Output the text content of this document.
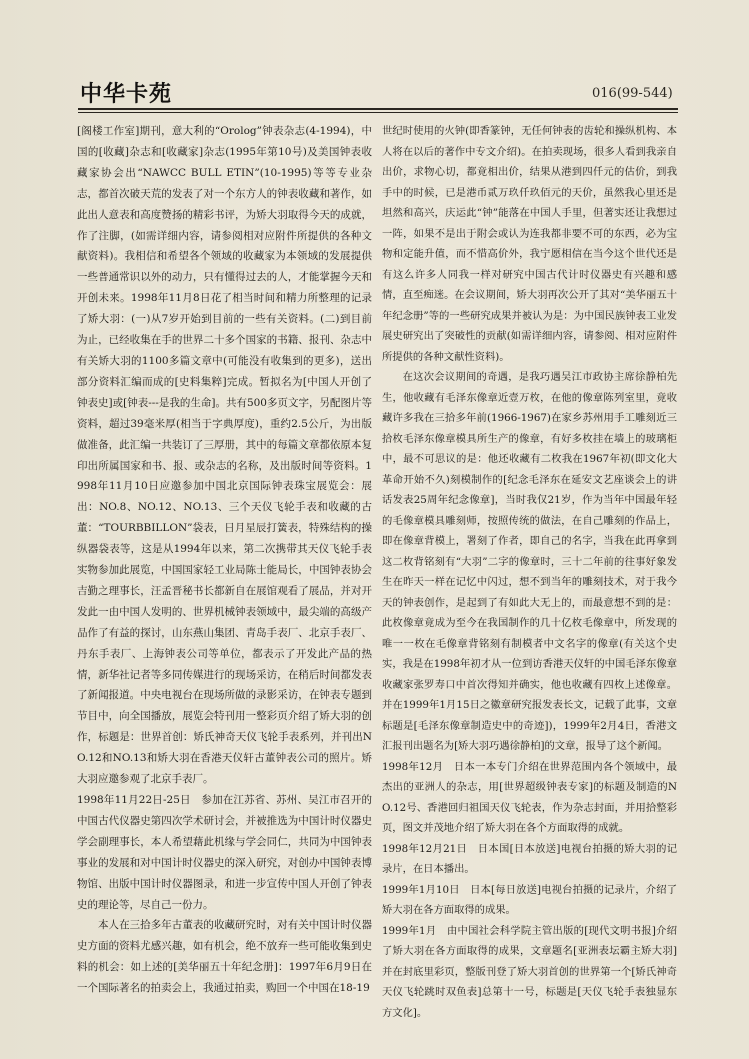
中华卡苑	016(99-544)

[阁楼工作室]期刊，意大利的“Orolog”钟表杂志(4-1994)，中国的[收藏]杂志和[收藏家]杂志(1995年第10号)及美国钟表收藏家协会出“NAWCC BULL ETIN”(10-1995)等等专业杂志，都首次破天荒的发表了对一个东方人的钟表收藏和著作，如此出人意表和高度赞扬的精彩书评，为矫大羽取得今天的成就，作了注脚，(如需详细内容，请参阅相对应附件所提供的各种文献资料)。我相信和希望各个领域的收藏家为本领域的发展提供一些普通常识以外的动力，只有懂得过去的人，才能掌握今天和开创未来。1998年11月8日花了相当时间和精力所整理的记录了矫大羽：(一)从7岁开始到目前的一些有关资料。(二)到目前为止，已经收集在手的世界二十多个国家的书籍、报刊、杂志中有关矫大羽的1100多篇文章中(可能没有收集到的更多)，送出部分资料汇编而成的[史料集粹]完成。暂拟名为[中国人开创了钟表史]或[钟表---是我的生命]。共有500多页文字，另配图片等资料，超过39毫米厚(相当于字典厚度)，重约2.5公斤，为出版做准备，此汇编一共装订了三厚册，其中的每篇文章都依原本复印出所属国家和书、报、或杂志的名称，及出版时间等资料。1998年11月10日应邀参加中国北京国际钟表珠宝展览会：展出：NO.8、NO.12、NO.13、三个天仪飞轮手表和收藏的古董：“TOURBBILLON”袋表，日月星辰打簧表，特殊结构的操纵器袋表等，这是从1994年以来，第二次携带其天仪飞轮手表实物参加此展览，中国国家轻工业局陈士能局长，中国钟表协会吉勤之理事长，汪孟晋秘书长都新自在展馆观看了展品，并对开发此一由中国人发明的、世界机械钟表领域中，最尖端的高级产品作了有益的探讨，山东燕山集团、青岛手表厂、北京手表厂、丹东手表厂、上海钟表公司等单位，都表示了开发此产品的热情，新华社记者等多同传媒进行的现场采访，在稍后时间都发表了新闻报道。中央电视台在现场所做的录影采访，在钟表专题到节目中，向全国播放，展览会特刊用一整彩页介绍了矫大羽的创作，标题是：世界首创：矫氏神奇天仪飞轮手表系列，并刊出NO.12和NO.13和矫大羽在香港天仪轩古董钟表公司的照片。矫大羽应邀参观了北京手表厂。

1998年11月22日-25日　参加在江苏省、苏州、吴江市召开的中国古代仪器史第四次学术研讨会，并被推选为中国计时仪器史学会副理事长，本人希望藉此机缘与学会同仁，共同为中国钟表事业的发展和对中国计时仪器史的深入研究，对创办中国钟表博物馆、出版中国计时仪器图录，和进一步宣传中国人开创了钟表史的理论等，尽自己一份力。

本人在三拾多年古董表的收藏研究时，对有关中国计时仪器史方面的资料尤感兴趣，如有机会，绝不放弃一些可能收集到史料的机会：如上述的[美华丽五十年纪念册]：1997年6月9日在一个国际著名的拍卖会上，我通过拍卖，购回一个中国在18-19

世纪时使用的火钟(即香篆钟，无任何钟表的齿轮和操纵机构、本人将在以后的著作中专文介绍)。在拍卖现场，很多人看到我亲自出价，求物心切，都竟相出价，结果从港到四仟元的估价，到我手中的时候，已是港币贰万玖仟玖佰元的天价，虽然我心里还是坦然和高兴，庆运此“钟”能落在中国人手里，但著实还让我想过一阵，如果不是出于附会或认为连我都非要不可的东西，必为宝物和定能升值，而不惜高价外，我宁愿相信在当今这个世代还是有这么许多人同我一样对研究中国古代计时仪器史有兴趣和感情，直至痴迷。在会议期间，矫大羽再次公开了其对“美华丽五十年纪念册”等的一些研究成果并被认为是：为中国民族钟表工业发展史研究出了突破性的贡献(如需详细内容，请参阅、相对应附件所提供的各种文献性资料)。

在这次会议期间的奇遇，是我巧遇吴江市政协主席徐静柏先生，他收藏有毛泽东像章近壹万枚，在他的像章陈列室里，竟收藏许多我在三拾多年前(1966-1967)在家乡苏州用手工雕刻近三拾枚毛泽东像章模具所生产的像章，有好多枚挂在墙上的玻璃柜中，最不可思议的是：他还收藏有二枚我在1967年初(即文化大革命开始不久)刻模制作的[纪念毛泽东在延安文艺座谈会上的讲话发表25周年纪念像章]，当时我仅21岁，作为当年中国最年轻的毛像章模具雕刻师，按照传统的做法，在自己雕刻的作品上，即在像章背模上，署刻了作者，即自己的名字，当我在此再拿到这二枚背铭刻有“大羽”二字的像章时，三十二年前的往事好象发生在昨天一样在记忆中闪过，想不到当年的雕刻技术，对于我今天的钟表创作，是起到了有如此大无上的，而最意想不到的是：此枚像章竟成为至今在我国制作的几十亿枚毛像章中，所发现的唯一一枚在毛像章背铭刻有制模者中文名字的像章(有关这个史实，我是在1998年初才从一位到访香港天仪轩的中国毛泽东像章收藏家张罗寿口中首次得知并确实，他也收藏有四枚上述像章。并在1999年1月15日之徽章研究报发表长文，记载了此事，文章标题是[毛泽东像章制造史中的奇迹])，1999年2月4日，香港文汇报刊出题名为[矫大羽巧遇徐静柏]的文章，报导了这个新闻。

1998年12月　日本一本专门介绍在世界范围内各个领域中，最杰出的亚洲人的杂志，用[世界超级钟表专家]的标题及制造的NO.12号、香港回归祖国天仪飞轮表，作为杂志封面，并用拾整彩页，图文并茂地介绍了矫大羽在各个方面取得的成就。

1998年12月21日　日本国[日本放送]电视台拍摄的矫大羽的记录片，在日本播出。

1999年1月10日　日本[每日放送]电视台拍摄的记录片，介绍了矫大羽在各方面取得的成果。

1999年1月　由中国社会科学院主管出版的[现代文明书报]介绍了矫大羽在各方面取得的成果，文章题名[亚洲表坛霸主矫大羽]并在封底里彩页，整版刊登了矫大羽首创的世界第一个[矫氏神奇天仪飞轮跳时双鱼表]总第十一号，标题是[天仪飞轮手表独显东方文化]。
